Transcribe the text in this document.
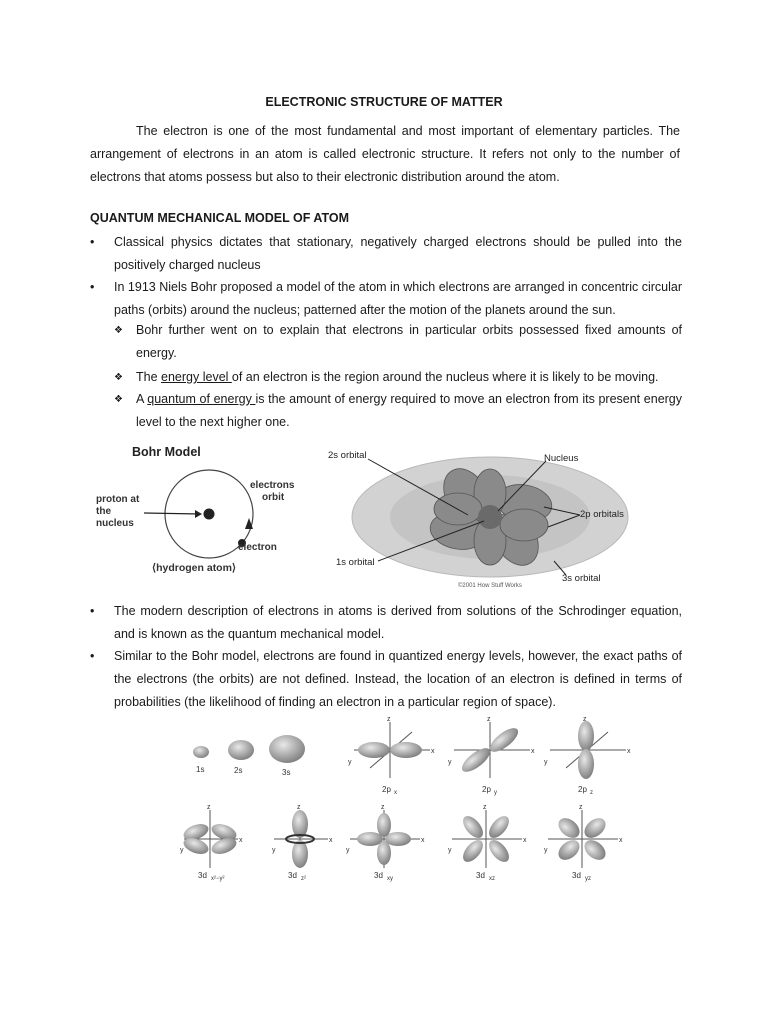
ELECTRONIC STRUCTURE OF MATTER
The electron is one of the most fundamental and most important of elementary particles. The arrangement of electrons in an atom is called electronic structure. It refers not only to the number of electrons that atoms possess but also to their electronic distribution around the atom.
QUANTUM MECHANICAL MODEL OF ATOM
•	Classical physics dictates that stationary, negatively charged electrons should be pulled into the positively charged nucleus
•	In 1913 Niels Bohr proposed a model of the atom in which electrons are arranged in concentric circular paths (orbits) around the nucleus; patterned after the motion of the planets around the sun.
❖ Bohr further went on to explain that electrons in particular orbits possessed fixed amounts of energy.
❖ The energy level of an electron is the region around the nucleus where it is likely to be moving.
❖ A quantum of energy is the amount of energy required to move an electron from its present energy level to the next higher one.
Bohr Model
proton at
the
nucleus
electrons
orbit
electron
⟨hydrogen atom⟩
2s orbital	Nucleus
2p orbitals
1s orbital
3s orbital
©2001 How Stuff Works
•	The modern description of electrons in atoms is derived from solutions of the Schrodinger equation, and is known as the quantum mechanical model.
•	Similar to the Bohr model, electrons are found in quantized energy levels, however, the exact paths of the electrons (the orbits) are not defined. Instead, the location of an electron is defined in terms of probabilities (the likelihood of finding an electron in a particular region of space).
1s	2s	3s
z
x
y
2p x
z
x
y
2p y
z
x
y
2p z
z
x
y
3d x²−y²
z
x
y
3d z²
z
x
y
3d xy
z
x
y
3d xz
z
x
y
3d yz
